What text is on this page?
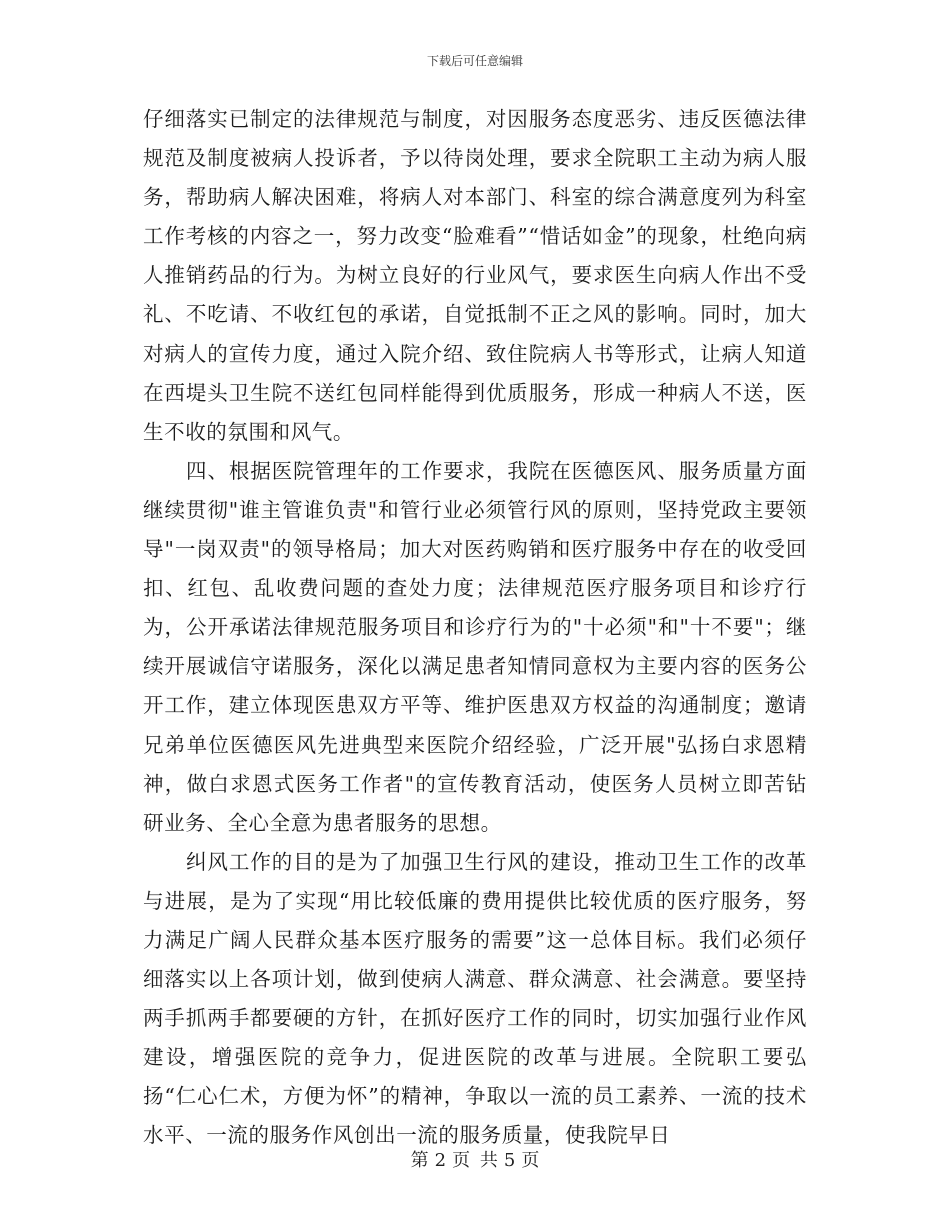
下载后可任意编辑

仔细落实已制定的法律规范与制度，对因服务态度恶劣、违反医德法律规范及制度被病人投诉者，予以待岗处理，要求全院职工主动为病人服务，帮助病人解决困难，将病人对本部门、科室的综合满意度列为科室工作考核的内容之一，努力改变“脸难看”“惜话如金”的现象，杜绝向病人推销药品的行为。为树立良好的行业风气，要求医生向病人作出不受礼、不吃请、不收红包的承诺，自觉抵制不正之风的影响。同时，加大对病人的宣传力度，通过入院介绍、致住院病人书等形式，让病人知道在西堤头卫生院不送红包同样能得到优质服务，形成一种病人不送，医生不收的氛围和风气。

四、根据医院管理年的工作要求，我院在医德医风、服务质量方面继续贯彻"谁主管谁负责"和管行业必须管行风的原则，坚持党政主要领导"一岗双责"的领导格局；加大对医药购销和医疗服务中存在的收受回扣、红包、乱收费问题的查处力度；法律规范医疗服务项目和诊疗行为，公开承诺法律规范服务项目和诊疗行为的"十必须"和"十不要"；继续开展诚信守诺服务，深化以满足患者知情同意权为主要内容的医务公开工作，建立体现医患双方平等、维护医患双方权益的沟通制度；邀请兄弟单位医德医风先进典型来医院介绍经验，广泛开展"弘扬白求恩精神，做白求恩式医务工作者"的宣传教育活动，使医务人员树立即苦钻研业务、全心全意为患者服务的思想。

纠风工作的目的是为了加强卫生行风的建设，推动卫生工作的改革与进展，是为了实现“用比较低廉的费用提供比较优质的医疗服务，努力满足广阔人民群众基本医疗服务的需要”这一总体目标。我们必须仔细落实以上各项计划，做到使病人满意、群众满意、社会满意。要坚持两手抓两手都要硬的方针，在抓好医疗工作的同时，切实加强行业作风建设，增强医院的竞争力，促进医院的改革与进展。全院职工要弘扬“仁心仁术，方便为怀”的精神，争取以一流的员工素养、一流的技术水平、一流的服务作风创出一流的服务质量，使我院早日

第 2 页 共 5 页
